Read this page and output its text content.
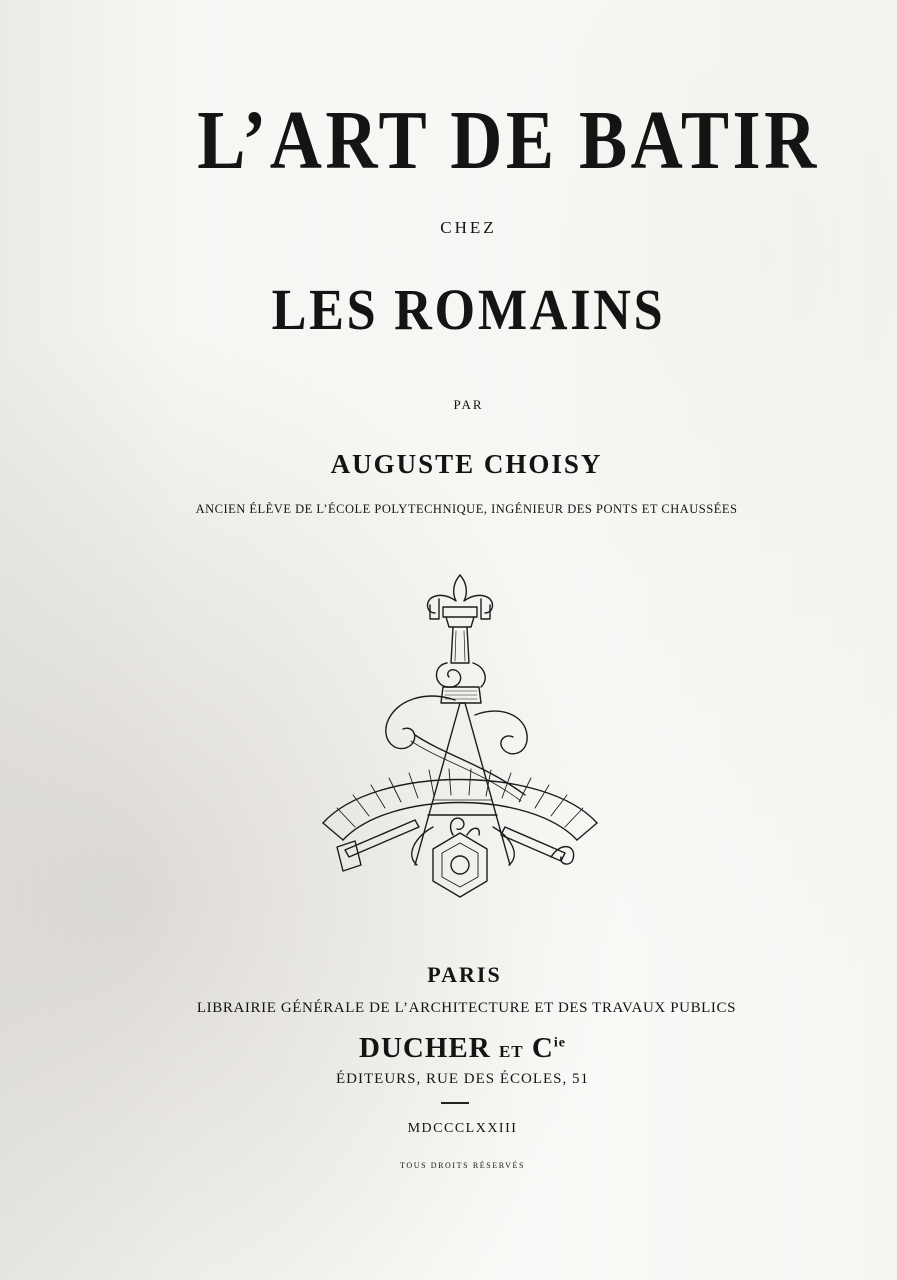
L’ART DE BATIR
CHEZ
LES ROMAINS
PAR
AUGUSTE CHOISY
ANCIEN ÉLÈVE DE L’ÉCOLE POLYTECHNIQUE, INGÉNIEUR DES PONTS ET CHAUSSÉES
PARIS
LIBRAIRIE GÉNÉRALE DE L’ARCHITECTURE ET DES TRAVAUX PUBLICS
DUCHER ET $C^{ie}$
ÉDITEURS, RUE DES ÉCOLES, 51
MDCCCLXXIII
TOUS DROITS RÉSERVÉS
